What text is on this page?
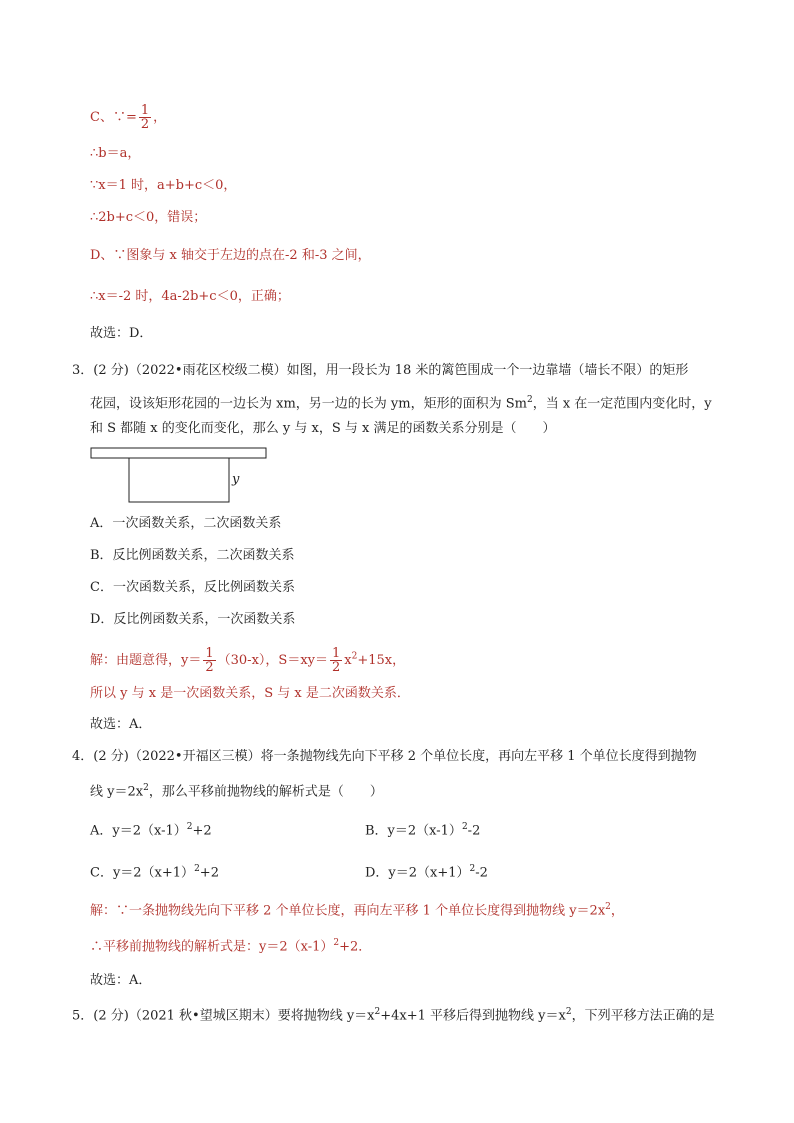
C、∵= $\frac{1}{2}$ ，
∴b＝a，
∵x＝1 时，a+b+c＜0，
∴2b+c＜0，错误；
D、∵图象与 x 轴交于左边的点在-2 和-3 之间，
∴x＝-2 时，4a-2b+c＜0，正确；
故选：D．
3．(2 分)（2022•雨花区校级二模）如图，用一段长为 18 米的篱笆围成一个一边靠墙（墙长不限）的矩形
花园，设该矩形花园的一边长为 xm，另一边的长为 ym，矩形的面积为 Sm$^2$，当 x 在一定范围内变化时，y
和 S 都随 x 的变化而变化，那么 y 与 x，S 与 x 满足的函数关系分别是（　　）
y
A．一次函数关系，二次函数关系
B．反比例函数关系，二次函数关系
C．一次函数关系，反比例函数关系
D．反比例函数关系，一次函数关系
解：由题意得，$y= \frac{1}{2} (30-x)$，$S=xy= \frac{1}{2} x^2+15x$，
所以 y 与 x 是一次函数关系，S 与 x 是二次函数关系．
故选：A．
4．(2 分)（2022•开福区三模）将一条抛物线先向下平移 2 个单位长度，再向左平移 1 个单位长度得到抛物
线 $y=2x^2$，那么平移前抛物线的解析式是（　　）
A．$y=2(x-1)^2+2$	B．$y=2(x-1)^2-2$
C．$y=2(x+1)^2+2$	D．$y=2(x+1)^2-2$
解：∵一条抛物线先向下平移 2 个单位长度，再向左平移 1 个单位长度得到抛物线 $y=2x^2$，
∴平移前抛物线的解析式是：$y=2(x-1)^2+2$．
故选：A．
5．(2 分)（2021 秋•望城区期末）要将抛物线 $y=x^2+4x+1$ 平移后得到抛物线 $y=x^2$，下列平移方法正确的是
